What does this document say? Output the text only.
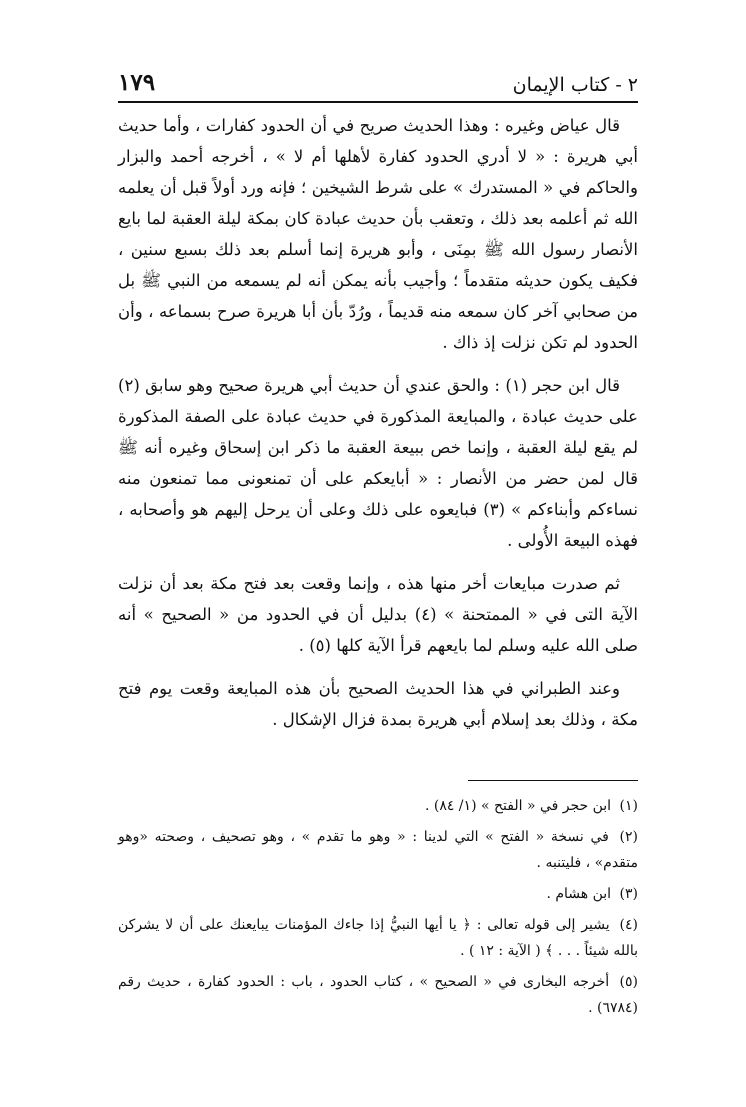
١٧٩	٢ - كتاب الإيمان

قال عياض وغيره : وهذا الحديث صريح في أن الحدود كفارات ، وأما حديث أبي هريرة : « لا أدري الحدود كفارة لأهلها أم لا » ، أخرجه أحمد والبزار والحاكم في « المستدرك » على شرط الشيخين ؛ فإنه ورد أولاً قبل أن يعلمه الله ثم أعلمه بعد ذلك ، وتعقب بأن حديث عبادة كان بمكة ليلة العقبة لما بايع الأنصار رسول الله ﷺ بمِنَى ، وأبو هريرة إنما أسلم بعد ذلك بسبع سنين ، فكيف يكون حديثه متقدماً ؛ وأجيب بأنه يمكن أنه لم يسمعه من النبي ﷺ بل من صحابي آخر كان سمعه منه قديماً ، ورُدّ بأن أبا هريرة صرح بسماعه ، وأن الحدود لم تكن نزلت إذ ذاك .

قال ابن حجر (١) : والحق عندي أن حديث أبي هريرة صحيح وهو سابق (٢) على حديث عبادة ، والمبايعة المذكورة في حديث عبادة على الصفة المذكورة لم يقع ليلة العقبة ، وإنما خص ببيعة العقبة ما ذكر ابن إسحاق وغيره أنه ﷺ قال لمن حضر من الأنصار : « أبايعكم على أن تمنعونى مما تمنعون منه نساءكم وأبناءكم » (٣) فبايعوه على ذلك وعلى أن يرحل إليهم هو وأصحابه ، فهذه البيعة الأُولى .

ثم صدرت مبايعات أخر منها هذه ، وإنما وقعت بعد فتح مكة بعد أن نزلت الآية التى في « الممتحنة » (٤) بدليل أن في الحدود من « الصحيح » أنه صلى الله عليه وسلم لما بايعهم قرأ الآية كلها (٥) .

وعند الطبراني في هذا الحديث الصحيح بأن هذه المبايعة وقعت يوم فتح مكة ، وذلك بعد إسلام أبي هريرة بمدة فزال الإشكال .

(١) ابن حجر في « الفتح » (١/ ٨٤) .
(٢) في نسخة « الفتح » التي لدينا : « وهو ما تقدم » ، وهو تصحيف ، وصحته «وهو متقدم» ، فليتنبه .
(٣) ابن هشام .
(٤) يشير إلى قوله تعالى : ﴿ يا أيها النبيُّ إذا جاءك المؤمنات يبايعنك على أن لا يشركن بالله شيئاً . . . ﴾ ( الآية : ١٢ ) .
(٥) أخرجه البخارى في « الصحيح » ، كتاب الحدود ، باب : الحدود كفارة ، حديث رقم (٦٧٨٤) .
